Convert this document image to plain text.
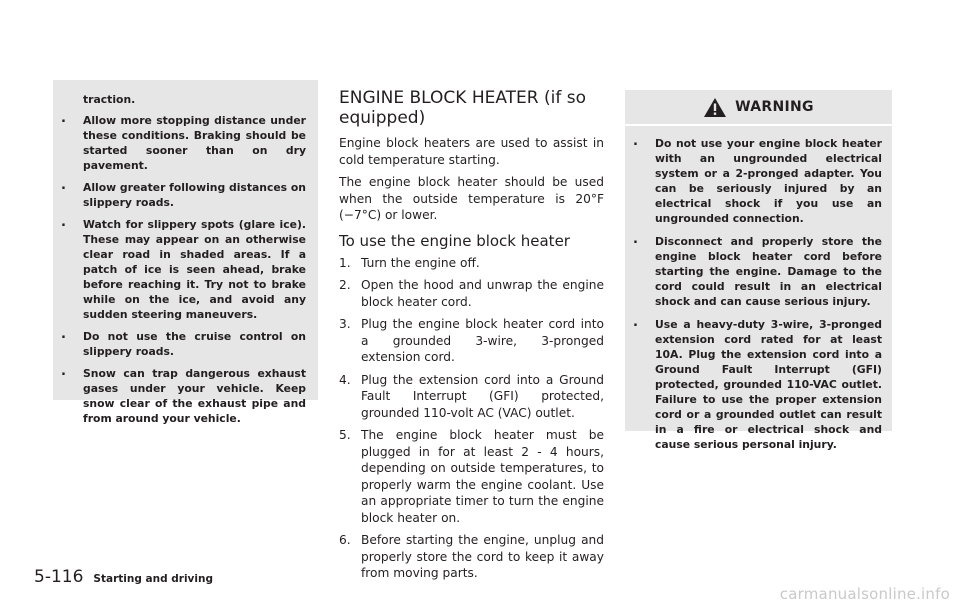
traction.
. Allow more stopping distance under these conditions. Braking should be started sooner than on dry pavement.
. Allow greater following distances on slippery roads.
. Watch for slippery spots (glare ice). These may appear on an otherwise clear road in shaded areas. If a patch of ice is seen ahead, brake before reaching it. Try not to brake while on the ice, and avoid any sudden steering maneuvers.
. Do not use the cruise control on slippery roads.
. Snow can trap dangerous exhaust gases under your vehicle. Keep snow clear of the exhaust pipe and from around your vehicle.
ENGINE BLOCK HEATER (if so equipped)

Engine block heaters are used to assist in cold temperature starting.

The engine block heater should be used when the outside temperature is 20°F (−7°C) or lower.

To use the engine block heater
1. Turn the engine off.
2. Open the hood and unwrap the engine block heater cord.
3. Plug the engine block heater cord into a grounded 3-wire, 3-pronged extension cord.
4. Plug the extension cord into a Ground Fault Interrupt (GFI) protected, grounded 110-volt AC (VAC) outlet.
5. The engine block heater must be plugged in for at least 2 - 4 hours, depending on outside temperatures, to properly warm the engine coolant. Use an appropriate timer to turn the engine block heater on.
6. Before starting the engine, unplug and properly store the cord to keep it away from moving parts.
WARNING
. Do not use your engine block heater with an ungrounded electrical system or a 2-pronged adapter. You can be seriously injured by an electrical shock if you use an ungrounded connection.
. Disconnect and properly store the engine block heater cord before starting the engine. Damage to the cord could result in an electrical shock and can cause serious injury.
. Use a heavy-duty 3-wire, 3-pronged extension cord rated for at least 10A. Plug the extension cord into a Ground Fault Interrupt (GFI) protected, grounded 110-VAC outlet. Failure to use the proper extension cord or a grounded outlet can result in a fire or electrical shock and cause serious personal injury.
5-116 Starting and driving
carmanualsonline.info
